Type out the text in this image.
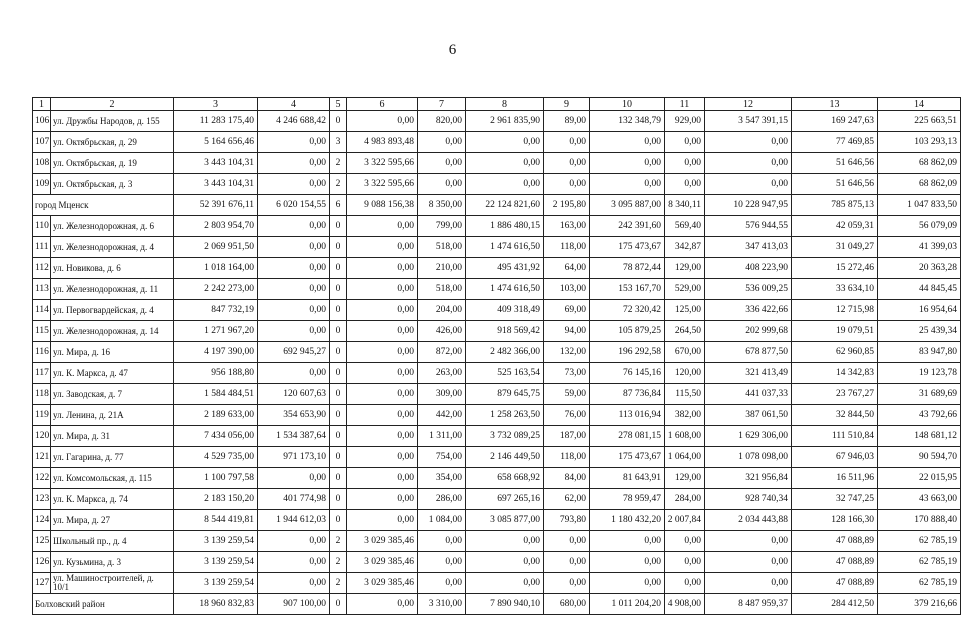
6
1	2	3	4	5	6	7	8	9	10	11	12	13	14
106	ул. Дружбы Народов, д. 155	11 283 175,40	4 246 688,42	0	0,00	820,00	2 961 835,90	89,00	132 348,79	929,00	3 547 391,15	169 247,63	225 663,51
107	ул. Октябрьская, д. 29	5 164 656,46	0,00	3	4 983 893,48	0,00	0,00	0,00	0,00	0,00	0,00	77 469,85	103 293,13
108	ул. Октябрьская, д. 19	3 443 104,31	0,00	2	3 322 595,66	0,00	0,00	0,00	0,00	0,00	0,00	51 646,56	68 862,09
109	ул. Октябрьская, д. 3	3 443 104,31	0,00	2	3 322 595,66	0,00	0,00	0,00	0,00	0,00	0,00	51 646,56	68 862,09
город Мценск		52 391 676,11	6 020 154,55	6	9 088 156,38	8 350,00	22 124 821,60	2 195,80	3 095 887,00	8 340,11	10 228 947,95	785 875,13	1 047 833,50
110	ул. Железнодорожная, д. 6	2 803 954,70	0,00	0	0,00	799,00	1 886 480,15	163,00	242 391,60	569,40	576 944,55	42 059,31	56 079,09
111	ул. Железнодорожная, д. 4	2 069 951,50	0,00	0	0,00	518,00	1 474 616,50	118,00	175 473,67	342,87	347 413,03	31 049,27	41 399,03
112	ул. Новикова, д. 6	1 018 164,00	0,00	0	0,00	210,00	495 431,92	64,00	78 872,44	129,00	408 223,90	15 272,46	20 363,28
113	ул. Железнодорожная, д. 11	2 242 273,00	0,00	0	0,00	518,00	1 474 616,50	103,00	153 167,70	529,00	536 009,25	33 634,10	44 845,45
114	ул. Первогвардейская, д. 4	847 732,19	0,00	0	0,00	204,00	409 318,49	69,00	72 320,42	125,00	336 422,66	12 715,98	16 954,64
115	ул. Железнодорожная, д. 14	1 271 967,20	0,00	0	0,00	426,00	918 569,42	94,00	105 879,25	264,50	202 999,68	19 079,51	25 439,34
116	ул. Мира, д. 16	4 197 390,00	692 945,27	0	0,00	872,00	2 482 366,00	132,00	196 292,58	670,00	678 877,50	62 960,85	83 947,80
117	ул. К. Маркса, д. 47	956 188,80	0,00	0	0,00	263,00	525 163,54	73,00	76 145,16	120,00	321 413,49	14 342,83	19 123,78
118	ул. Заводская, д. 7	1 584 484,51	120 607,63	0	0,00	309,00	879 645,75	59,00	87 736,84	115,50	441 037,33	23 767,27	31 689,69
119	ул. Ленина, д. 21А	2 189 633,00	354 653,90	0	0,00	442,00	1 258 263,50	76,00	113 016,94	382,00	387 061,50	32 844,50	43 792,66
120	ул. Мира, д. 31	7 434 056,00	1 534 387,64	0	0,00	1 311,00	3 732 089,25	187,00	278 081,15	1 608,00	1 629 306,00	111 510,84	148 681,12
121	ул. Гагарина, д. 77	4 529 735,00	971 173,10	0	0,00	754,00	2 146 449,50	118,00	175 473,67	1 064,00	1 078 098,00	67 946,03	90 594,70
122	ул. Комсомольская, д. 115	1 100 797,58	0,00	0	0,00	354,00	658 668,92	84,00	81 643,91	129,00	321 956,84	16 511,96	22 015,95
123	ул. К. Маркса, д. 74	2 183 150,20	401 774,98	0	0,00	286,00	697 265,16	62,00	78 959,47	284,00	928 740,34	32 747,25	43 663,00
124	ул. Мира, д. 27	8 544 419,81	1 944 612,03	0	0,00	1 084,00	3 085 877,00	793,80	1 180 432,20	2 007,84	2 034 443,88	128 166,30	170 888,40
125	Школьный пр., д. 4	3 139 259,54	0,00	2	3 029 385,46	0,00	0,00	0,00	0,00	0,00	0,00	47 088,89	62 785,19
126	ул. Кузьмина, д. 3	3 139 259,54	0,00	2	3 029 385,46	0,00	0,00	0,00	0,00	0,00	0,00	47 088,89	62 785,19
127	ул. Машиностроителей, д. 10/1	3 139 259,54	0,00	2	3 029 385,46	0,00	0,00	0,00	0,00	0,00	0,00	47 088,89	62 785,19
Болховский район		18 960 832,83	907 100,00	0	0,00	3 310,00	7 890 940,10	680,00	1 011 204,20	4 908,00	8 487 959,37	284 412,50	379 216,66
